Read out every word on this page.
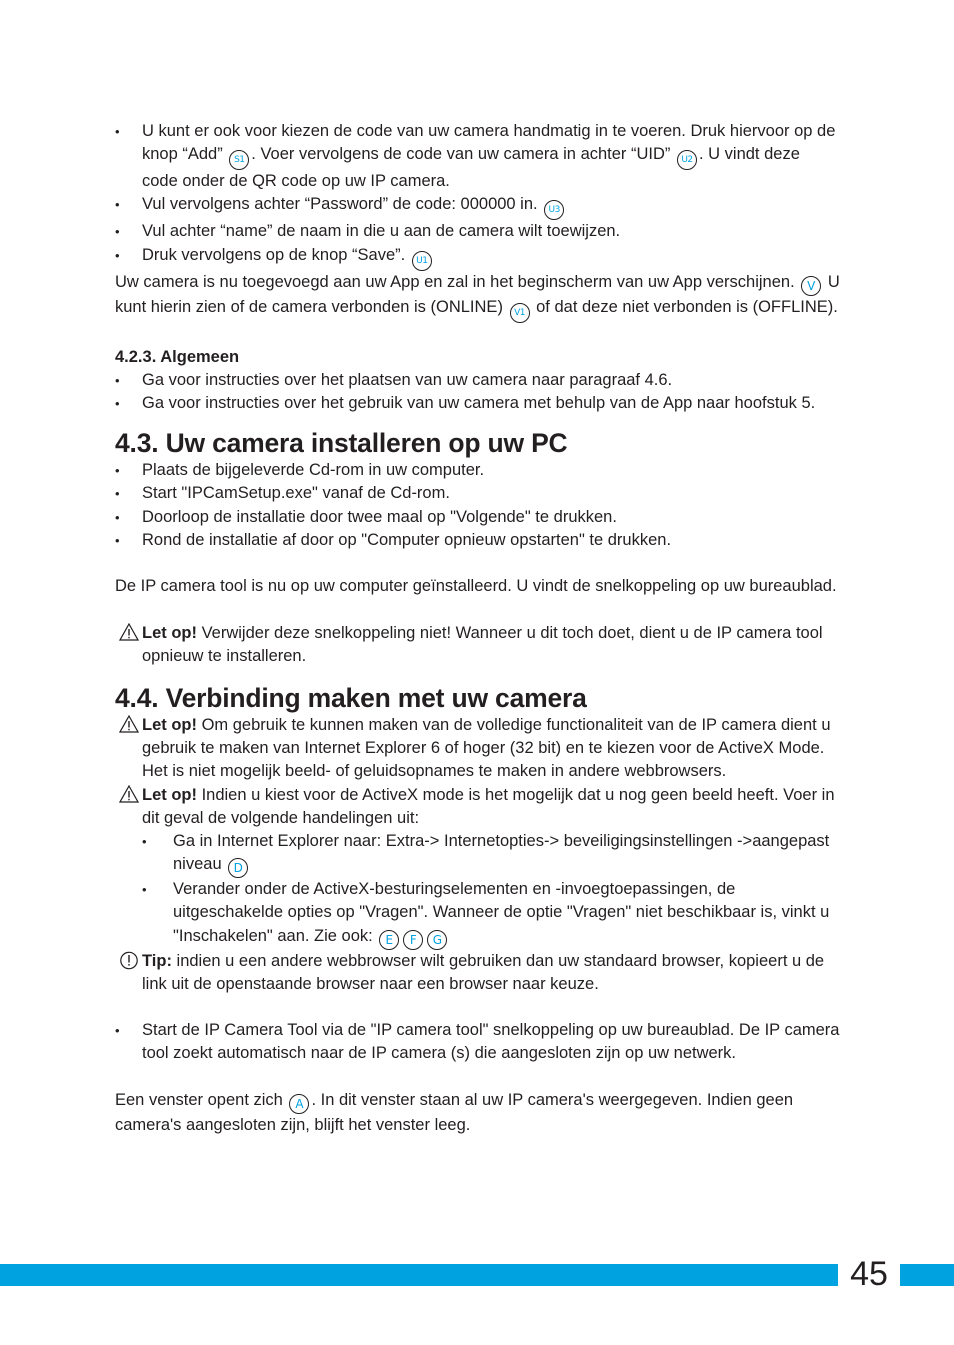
• U kunt er ook voor kiezen de code van uw camera handmatig in te voeren. Druk hiervoor op de knop “Add” S1 . Voer vervolgens de code van uw camera in achter “UID” U2 . U vindt deze code onder de QR code op uw IP camera.
• Vul vervolgens achter “Password” de code: 000000 in. U3
• Vul achter “name” de naam in die u aan de camera wilt toewijzen.
• Druk vervolgens op de knop “Save”. U1

Uw camera is nu toegevoegd aan uw App en zal in het beginscherm van uw App verschijnen. V U kunt hierin zien of de camera verbonden is (ONLINE) V1 of dat deze niet verbonden is (OFFLINE).

4.2.3. Algemeen
• Ga voor instructies over het plaatsen van uw camera naar paragraaf 4.6.
• Ga voor instructies over het gebruik van uw camera met behulp van de App naar hoofstuk 5.
4.3. Uw camera installeren op uw PC
• Plaats de bijgeleverde Cd-rom in uw computer.
• Start "IPCamSetup.exe" vanaf de Cd-rom.
• Doorloop de installatie door twee maal op "Volgende" te drukken.
• Rond de installatie af door op "Computer opnieuw opstarten" te drukken.

De IP camera tool is nu op uw computer geïnstalleerd. U vindt de snelkoppeling op uw bureaublad.

Let op! Verwijder deze snelkoppeling niet! Wanneer u dit toch doet, dient u de IP camera tool opnieuw te installeren.
4.4. Verbinding maken met uw camera
Let op! Om gebruik te kunnen maken van de volledige functionaliteit van de IP camera dient u gebruik te maken van Internet Explorer 6 of hoger (32 bit) en te kiezen voor de ActiveX Mode. Het is niet mogelijk beeld- of geluidsopnames te maken in andere webbrowsers.
Let op! Indien u kiest voor de ActiveX mode is het mogelijk dat u nog geen beeld heeft. Voer in dit geval de volgende handelingen uit:
• Ga in Internet Explorer naar: Extra-> Internetopties-> beveiligingsinstellingen ->aangepast niveau D
• Verander onder de ActiveX-besturingselementen en -invoegtoepassingen, de uitgeschakelde opties op "Vragen". Wanneer de optie "Vragen" niet beschikbaar is, vinkt u "Inschakelen" aan. Zie ook: E F G
Tip: indien u een andere webbrowser wilt gebruiken dan uw standaard browser, kopieert u de link uit de openstaande browser naar een browser naar keuze.
• Start de IP Camera Tool via de "IP camera tool" snelkoppeling op uw bureaublad. De IP camera tool zoekt automatisch naar de IP camera (s) die aangesloten zijn op uw netwerk.

Een venster opent zich A . In dit venster staan al uw IP camera's weergegeven. Indien geen camera's aangesloten zijn, blijft het venster leeg.

45
